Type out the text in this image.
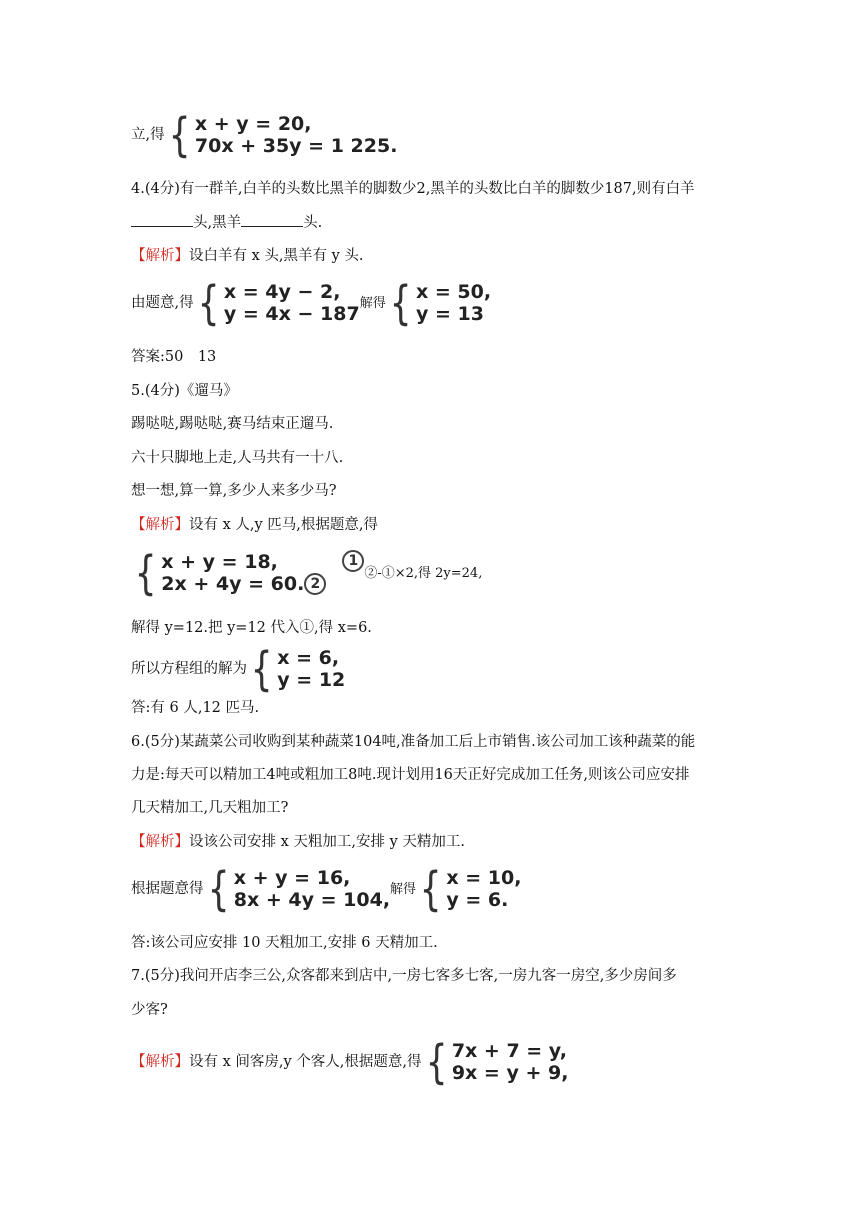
立,得 { x + y = 20,
70x + 35y = 1 225.
4.(4分)有一群羊,白羊的头数比黑羊的脚数少2,黑羊的头数比白羊的脚数少187,则有白羊
头,黑羊	头.
【解析】设白羊有 x 头,黑羊有 y 头.
由题意,得 { x = 4y − 2,
y = 4x − 187 解得 { x = 50,
y = 13
答案:50　13
5.(4分)《遛马》
踢哒哒,踢哒哒,赛马结束正遛马.
六十只脚地上走,人马共有一十八.
想一想,算一算,多少人来多少马?
【解析】设有 x 人,y 匹马,根据题意,得
{ x + y = 18,
2x + 4y = 60. 2
1②-①×2,得 2y=24,
解得 y=12.把 y=12 代入①,得 x=6.
所以方程组的解为 { x = 6,
y = 12
答:有 6 人,12 匹马.
6.(5分)某蔬菜公司收购到某种蔬菜104吨,准备加工后上市销售.该公司加工该种蔬菜的能
力是:每天可以精加工4吨或粗加工8吨.现计划用16天正好完成加工任务,则该公司应安排
几天精加工,几天粗加工?
【解析】设该公司安排 x 天粗加工,安排 y 天精加工.
根据题意得 { x + y = 16,
8x + 4y = 104, 解得 { x = 10,
y = 6.
答:该公司应安排 10 天粗加工,安排 6 天精加工.
7.(5分)我问开店李三公,众客都来到店中,一房七客多七客,一房九客一房空,多少房间多
少客?
【解析】设有 x 间客房,y 个客人,根据题意,得 { 7x + 7 = y,
9x = y + 9,
